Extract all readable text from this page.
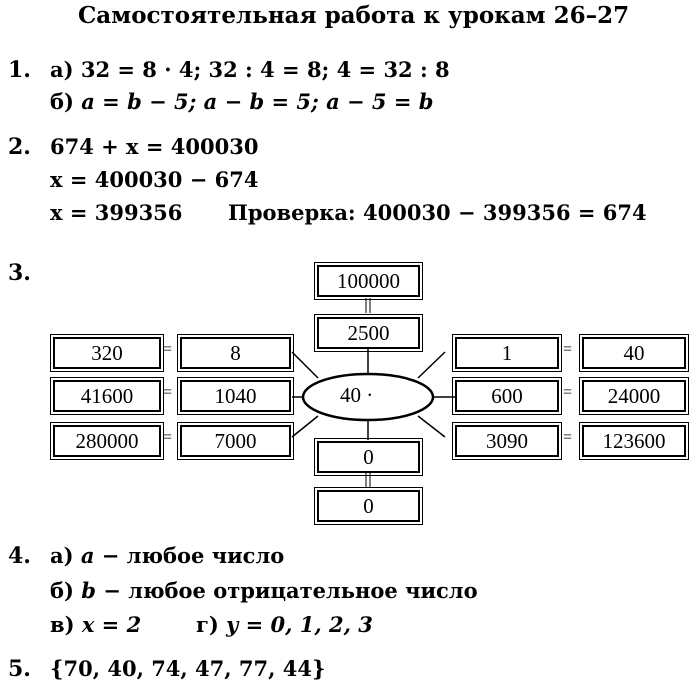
Самостоятельная работа к урокам 26–27
1. а) 32 = 8 · 4; 32 : 4 = 8; 4 = 32 : 8
б) a = b − 5; a − b = 5; a − 5 = b
2. 674 + x = 400030
x = 400030 − 674
x = 399356 Проверка: 400030 − 399356 = 674
3.
40 ·
100000
2500
0
0
320	=	8
41600	=	1040
280000	=	7000
1	=	40
600	=	24000
3090	=	123600
4. а) a − любое число
б) b − любое отрицательное число
в) x = 2	г) y = 0, 1, 2, 3
5. {70, 40, 74, 47, 77, 44}
